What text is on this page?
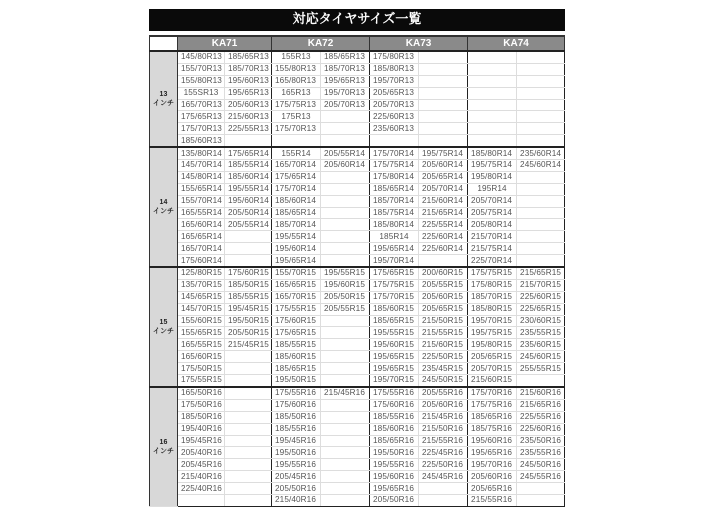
対応タイヤサイズ一覧
	KA71		KA72		KA73		KA74	

13
インチ	145/80R13	185/65R13	155R13	185/65R13	175/80R13			
	155/70R13	185/70R13	155/80R13	185/70R13	185/80R13			
	155/80R13	195/60R13	165/80R13	195/65R13	195/70R13			
	155SR13	195/65R13	165R13	195/70R13	205/65R13			
	165/70R13	205/60R13	175/75R13	205/70R13	205/70R13			
	175/65R13	215/60R13	175R13		225/60R13			
	175/70R13	225/55R13	175/70R13		235/60R13			
	185/60R13							

14
インチ	135/80R14	175/65R14	155R14	205/55R14	175/70R14	195/75R14	185/80R14	235/60R14
	145/70R14	185/55R14	165/70R14	205/60R14	175/75R14	205/60R14	195/75R14	245/60R14
	145/80R14	185/60R14	175/65R14		175/80R14	205/65R14	195/80R14	
	155/65R14	195/55R14	175/70R14		185/65R14	205/70R14	195R14	
	155/70R14	195/60R14	185/60R14		185/70R14	215/60R14	205/70R14	
	165/55R14	205/50R14	185/65R14		185/75R14	215/65R14	205/75R14	
	165/60R14	205/55R14	185/70R14		185/80R14	225/55R14	205/80R14	
	165/65R14		195/55R14		185R14	225/60R14	215/70R14	
	165/70R14		195/60R14		195/65R14	225/60R14	215/75R14	
	175/60R14		195/65R14		195/70R14		225/70R14	

15
インチ	125/80R15	175/60R15	155/70R15	195/55R15	175/65R15	200/60R15	175/75R15	215/65R15
	135/70R15	185/50R15	165/65R15	195/60R15	175/75R15	205/55R15	175/80R15	215/70R15
	145/65R15	185/55R15	165/70R15	205/50R15	175/70R15	205/60R15	185/70R15	225/60R15
	145/70R15	195/45R15	175/55R15	205/55R15	185/60R15	205/65R15	185/80R15	225/65R15
	155/60R15	195/50R15	175/60R15		185/65R15	215/50R15	195/70R15	230/60R15
	155/65R15	205/50R15	175/65R15		195/55R15	215/55R15	195/75R15	235/55R15
	165/55R15	215/45R15	185/55R15		195/60R15	215/60R15	195/80R15	235/60R15
	165/60R15		185/60R15		195/65R15	225/50R15	205/65R15	245/60R15
	175/50R15		185/65R15		195/65R15	235/45R15	205/70R15	255/55R15
	175/55R15		195/50R15		195/70R15	245/50R15	215/60R15	

16
インチ	165/50R16		175/55R16	215/45R16	175/55R16	205/55R16	175/70R16	215/60R16
	175/50R16		175/60R16		175/60R16	205/60R16	175/75R16	215/65R16
	185/50R16		185/50R16		185/55R16	215/45R16	185/65R16	225/55R16
	195/40R16		185/55R16		185/60R16	215/50R16	185/75R16	225/60R16
	195/45R16		195/45R16		185/65R16	215/55R16	195/60R16	235/50R16
	205/40R16		195/50R16		195/50R16	225/45R16	195/65R16	235/55R16
	205/45R16		195/55R16		195/55R16	225/50R16	195/70R16	245/50R16
	215/40R16		205/45R16		195/60R16	245/45R16	205/60R16	245/55R16
	225/40R16		205/50R16		195/65R16		205/65R16	
			215/40R16		205/50R16		215/55R16	
